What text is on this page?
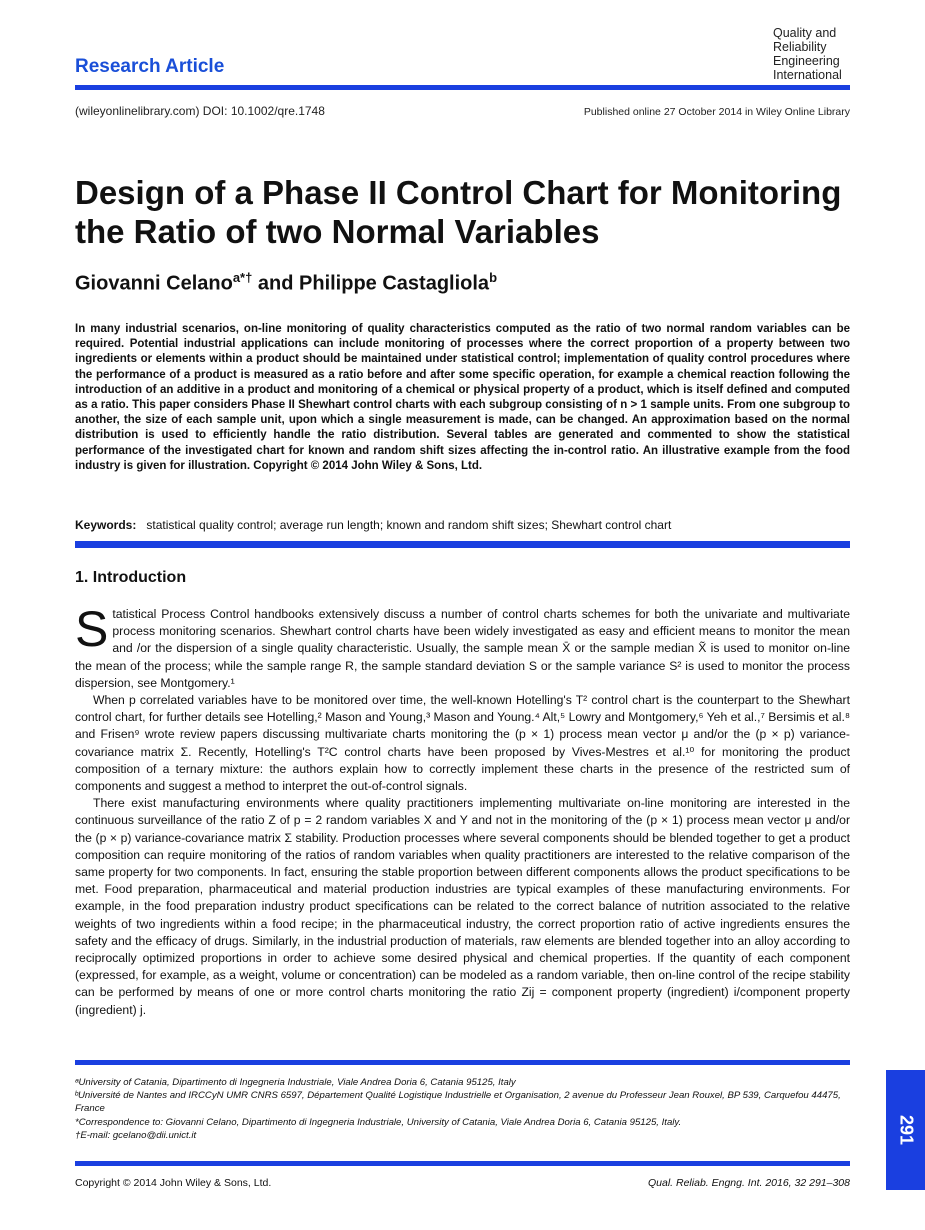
Research Article
Quality and
Reliability
Engineering
International
(wileyonlinelibrary.com) DOI: 10.1002/qre.1748	Published online 27 October 2014 in Wiley Online Library
Design of a Phase II Control Chart for Monitoring the Ratio of two Normal Variables
Giovanni Celano$^{a*\dagger}$ and Philippe Castagliola$^b$
In many industrial scenarios, on-line monitoring of quality characteristics computed as the ratio of two normal random variables can be required. Potential industrial applications can include monitoring of processes where the correct proportion of a property between two ingredients or elements within a product should be maintained under statistical control; implementation of quality control procedures where the performance of a product is measured as a ratio before and after some specific operation, for example a chemical reaction following the introduction of an additive in a product and monitoring of a chemical or physical property of a product, which is itself defined and computed as a ratio. This paper considers Phase II Shewhart control charts with each subgroup consisting of n > 1 sample units. From one subgroup to another, the size of each sample unit, upon which a single measurement is made, can be changed. An approximation based on the normal distribution is used to efficiently handle the ratio distribution. Several tables are generated and commented to show the statistical performance of the investigated chart for known and random shift sizes affecting the in-control ratio. An illustrative example from the food industry is given for illustration. Copyright © 2014 John Wiley & Sons, Ltd.
Keywords: statistical quality control; average run length; known and random shift sizes; Shewhart control chart
1. Introduction

Statistical Process Control handbooks extensively discuss a number of control charts schemes for both the univariate and multivariate process monitoring scenarios. Shewhart control charts have been widely investigated as easy and efficient means to monitor the mean and /or the dispersion of a single quality characteristic. Usually, the sample mean X̄ or the sample median X̃ is used to monitor on-line the mean of the process; while the sample range R, the sample standard deviation S or the sample variance S² is used to monitor the process dispersion, see Montgomery.¹

When p correlated variables have to be monitored over time, the well-known Hotelling's T² control chart is the counterpart to the Shewhart control chart, for further details see Hotelling,² Mason and Young,³ Mason and Young.⁴ Alt,⁵ Lowry and Montgomery,⁶ Yeh et al.,⁷ Bersimis et al.⁸ and Frisen⁹ wrote review papers discussing multivariate charts monitoring the (p × 1) process mean vector μ and/or the (p × p) variance-covariance matrix Σ. Recently, Hotelling's T²C control charts have been proposed by Vives-Mestres et al.¹⁰ for monitoring the product composition of a ternary mixture: the authors explain how to correctly implement these charts in the presence of the restricted sum of components and suggest a method to interpret the out-of-control signals.

There exist manufacturing environments where quality practitioners implementing multivariate on-line monitoring are interested in the continuous surveillance of the ratio Z of p = 2 random variables X and Y and not in the monitoring of the (p × 1) process mean vector μ and/or the (p × p) variance-covariance matrix Σ stability. Production processes where several components should be blended together to get a product composition can require monitoring of the ratios of random variables when quality practitioners are interested to the relative comparison of the same property for two components. In fact, ensuring the stable proportion between different components allows the product specifications to be met. Food preparation, pharmaceutical and material production industries are typical examples of these manufacturing environments. For example, in the food preparation industry product specifications can be related to the correct balance of nutrition associated to the relative weights of two ingredients within a food recipe; in the pharmaceutical industry, the correct proportion ratio of active ingredients ensures the safety and the efficacy of drugs. Similarly, in the industrial production of materials, raw elements are blended together into an alloy according to reciprocally optimized proportions in order to achieve some desired physical and chemical properties. If the quantity of each component (expressed, for example, as a weight, volume or concentration) can be modeled as a random variable, then on-line control of the recipe stability can be performed by means of one or more control charts monitoring the ratio Zij = component property (ingredient) i/component property (ingredient) j.

ᵃUniversity of Catania, Dipartimento di Ingegneria Industriale, Viale Andrea Doria 6, Catania 95125, Italy
ᵇUniversité de Nantes and IRCCyN UMR CNRS 6597, Département Qualité Logistique Industrielle et Organisation, 2 avenue du Professeur Jean Rouxel, BP 539, Carquefou 44475, France
*Correspondence to: Giovanni Celano, Dipartimento di Ingegneria Industriale, University of Catania, Viale Andrea Doria 6, Catania 95125, Italy.
†E-mail: gcelano@dii.unict.it
Copyright © 2014 John Wiley & Sons, Ltd.	Qual. Reliab. Engng. Int. 2016, 32 291–308
291
